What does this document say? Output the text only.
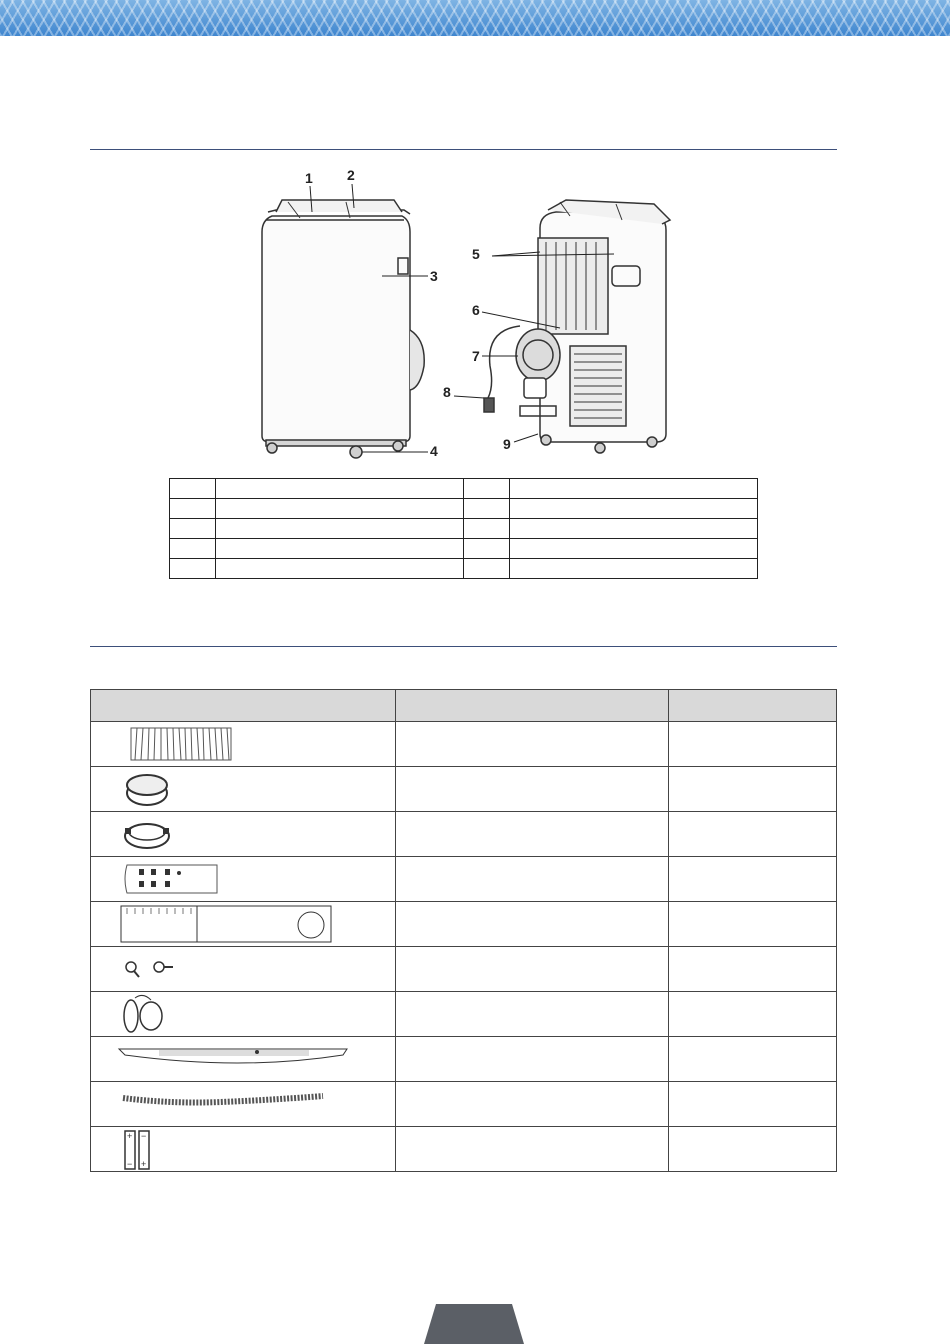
1 2
3
4
5
6
7
8
9

+ −
− +		
